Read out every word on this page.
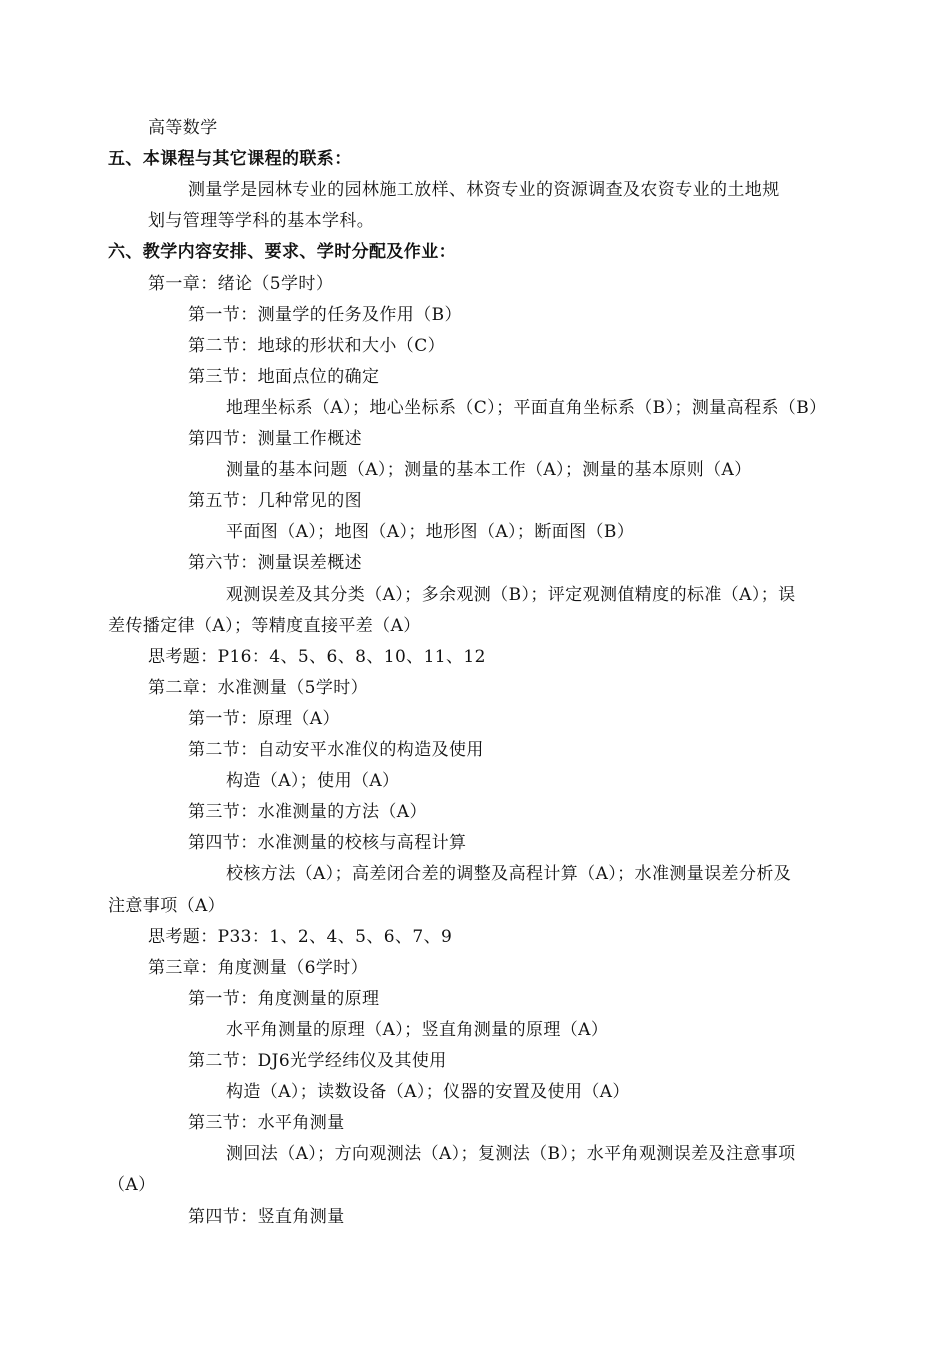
高等数学
五、本课程与其它课程的联系：
测量学是园林专业的园林施工放样、林资专业的资源调查及农资专业的土地规
划与管理等学科的基本学科。
六、教学内容安排、要求、学时分配及作业：
第一章：绪论（5学时）
第一节：测量学的任务及作用（B）
第二节：地球的形状和大小（C）
第三节：地面点位的确定
地理坐标系（A）；地心坐标系（C）；平面直角坐标系（B）；测量高程系（B）
第四节：测量工作概述
测量的基本问题（A）；测量的基本工作（A）；测量的基本原则（A）
第五节：几种常见的图
平面图（A）；地图（A）；地形图（A）；断面图（B）
第六节：测量误差概述
观测误差及其分类（A）；多余观测（B）；评定观测值精度的标准（A）；误
差传播定律（A）；等精度直接平差（A）
思考题：P16：4、5、6、8、10、11、12
第二章：水准测量（5学时）
第一节：原理（A）
第二节：自动安平水准仪的构造及使用
构造（A）；使用（A）
第三节：水准测量的方法（A）
第四节：水准测量的校核与高程计算
校核方法（A）；高差闭合差的调整及高程计算（A）；水准测量误差分析及
注意事项（A）
思考题：P33：1、2、4、5、6、7、9
第三章：角度测量（6学时）
第一节：角度测量的原理
水平角测量的原理（A）；竖直角测量的原理（A）
第二节：DJ6光学经纬仪及其使用
构造（A）；读数设备（A）；仪器的安置及使用（A）
第三节：水平角测量
测回法（A）；方向观测法（A）；复测法（B）；水平角观测误差及注意事项
（A）
第四节：竖直角测量
